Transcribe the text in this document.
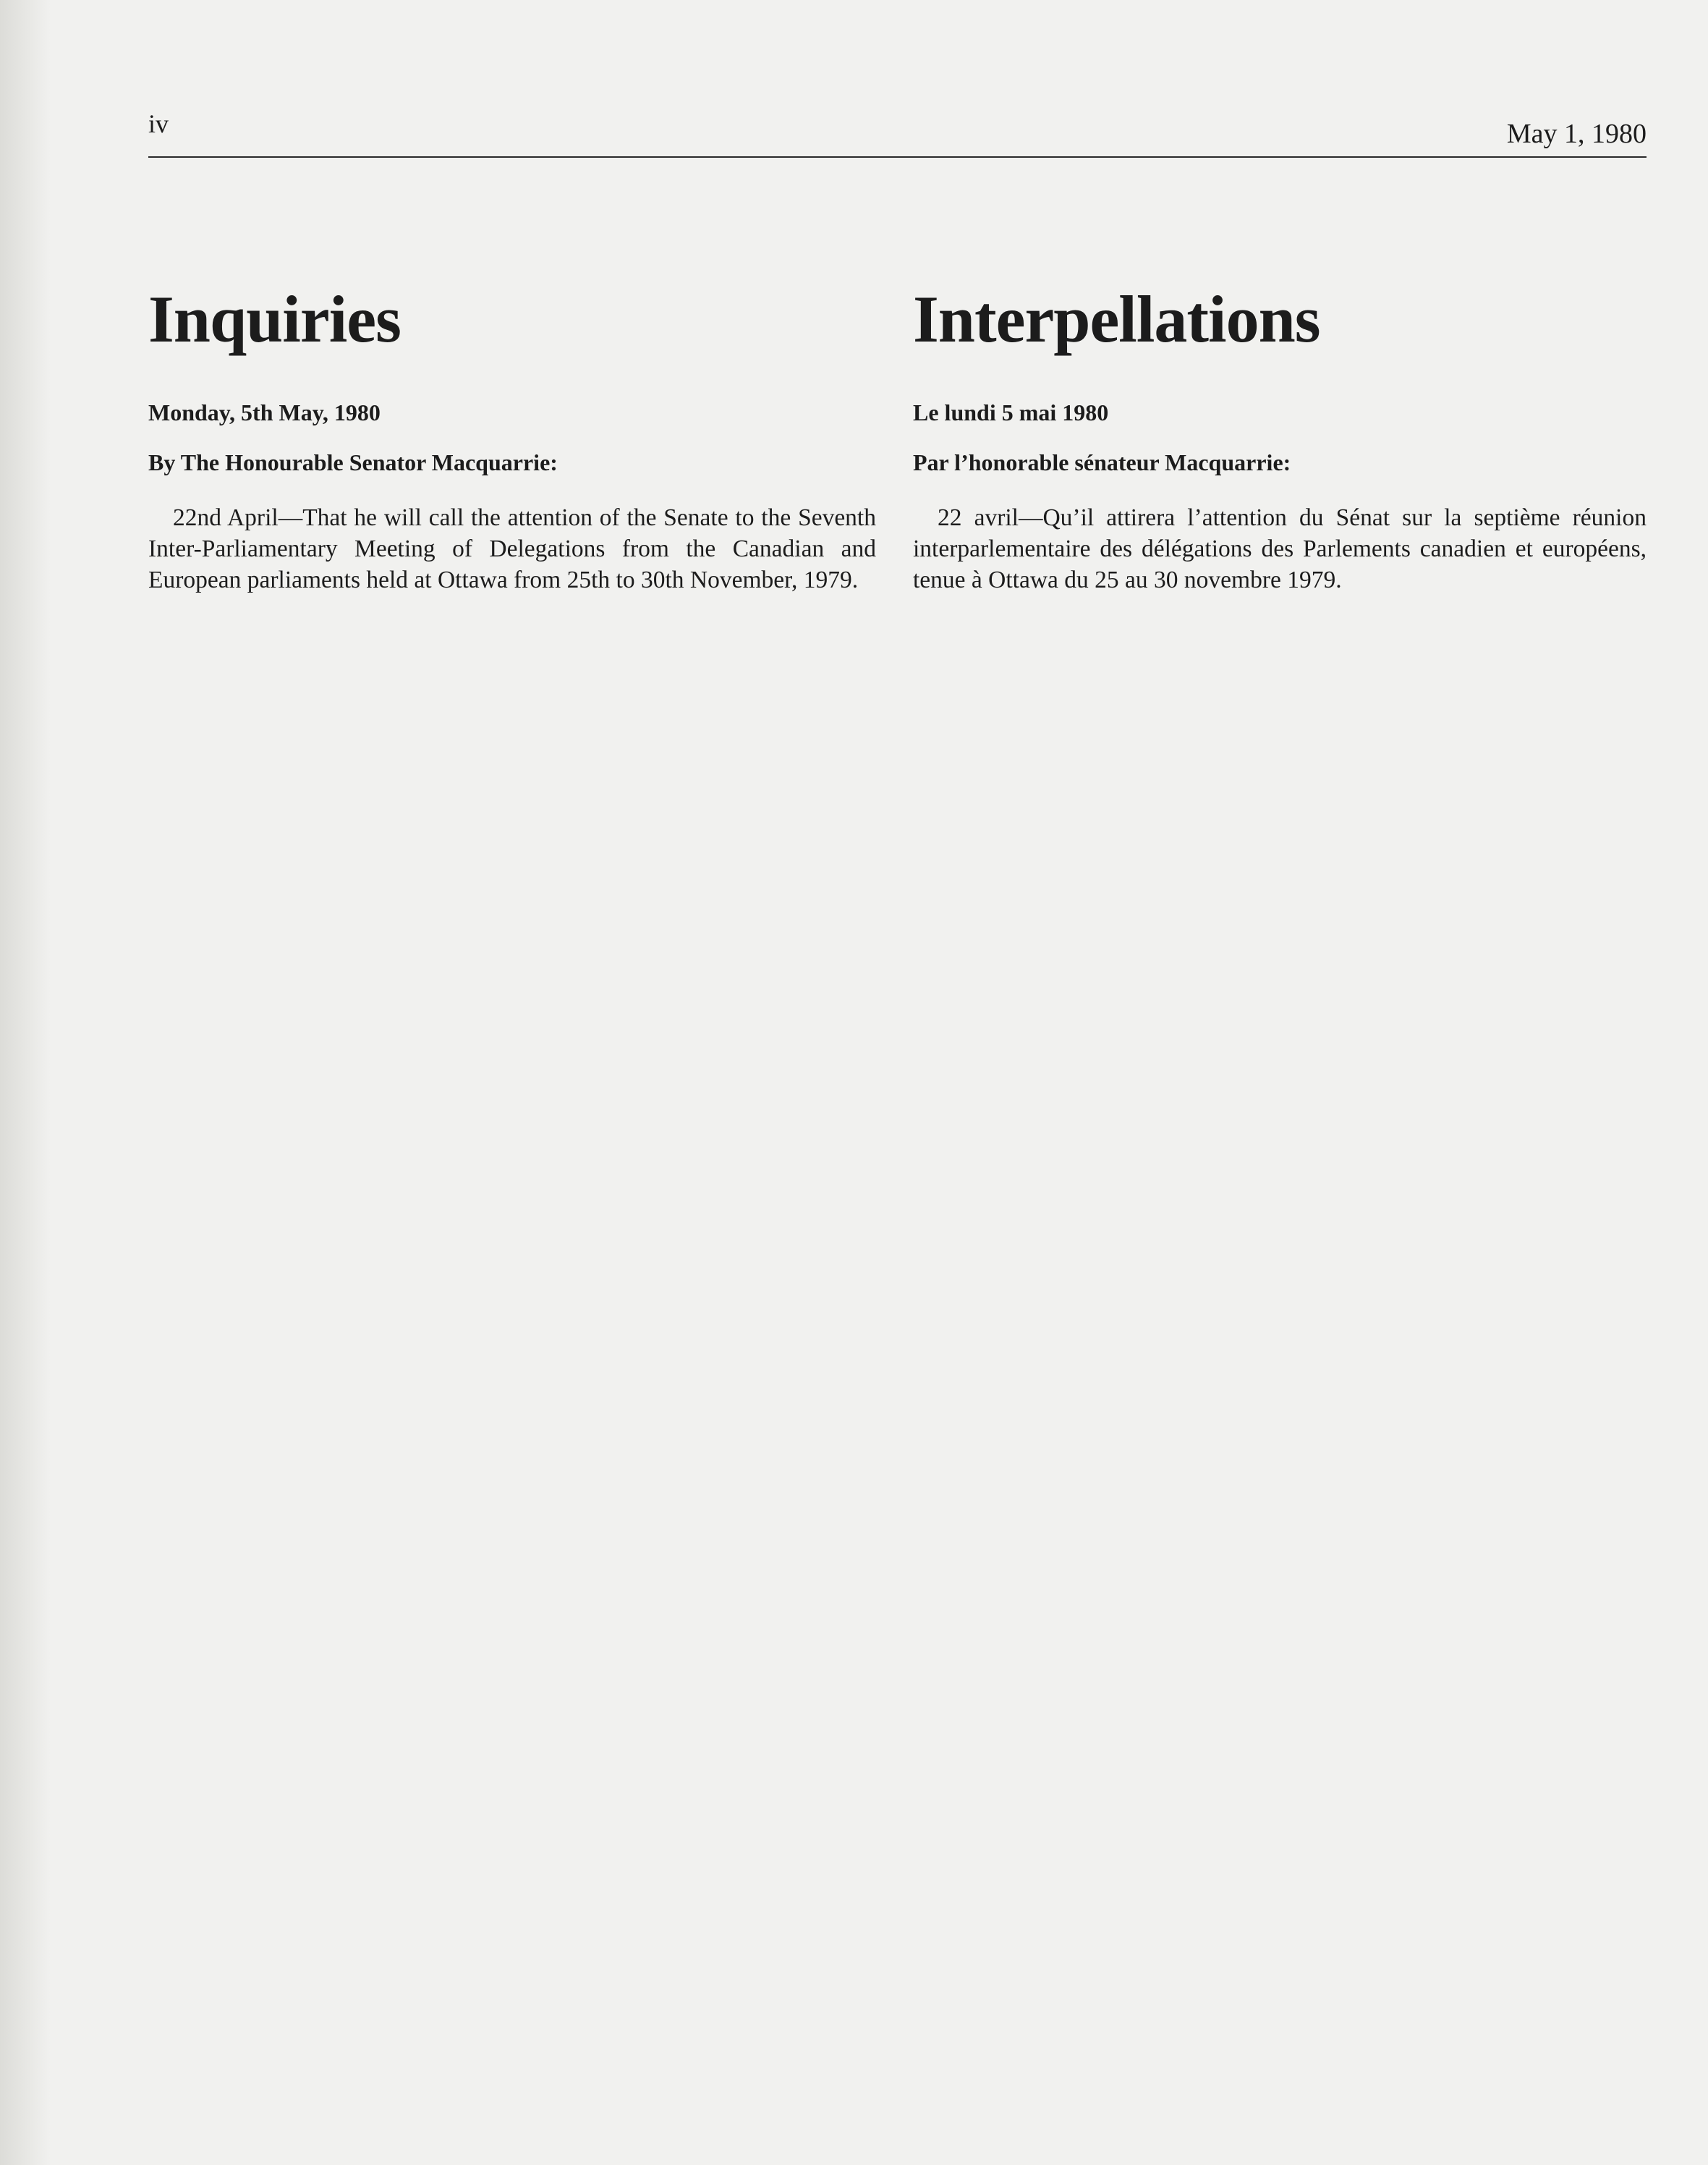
iv	May 1, 1980
Inquiries

Monday, 5th May, 1980

By The Honourable Senator Macquarrie:

22nd April—That he will call the attention of the Senate to the Seventh Inter-Parliamentary Meeting of Delegations from the Canadian and European parliaments held at Ottawa from 25th to 30th November, 1979.

Interpellations

Le lundi 5 mai 1980

Par l’honorable sénateur Macquarrie:

22 avril—Qu’il attirera l’attention du Sénat sur la septième réunion interparlementaire des délégations des Parlements canadien et européens, tenue à Ottawa du 25 au 30 novembre 1979.
